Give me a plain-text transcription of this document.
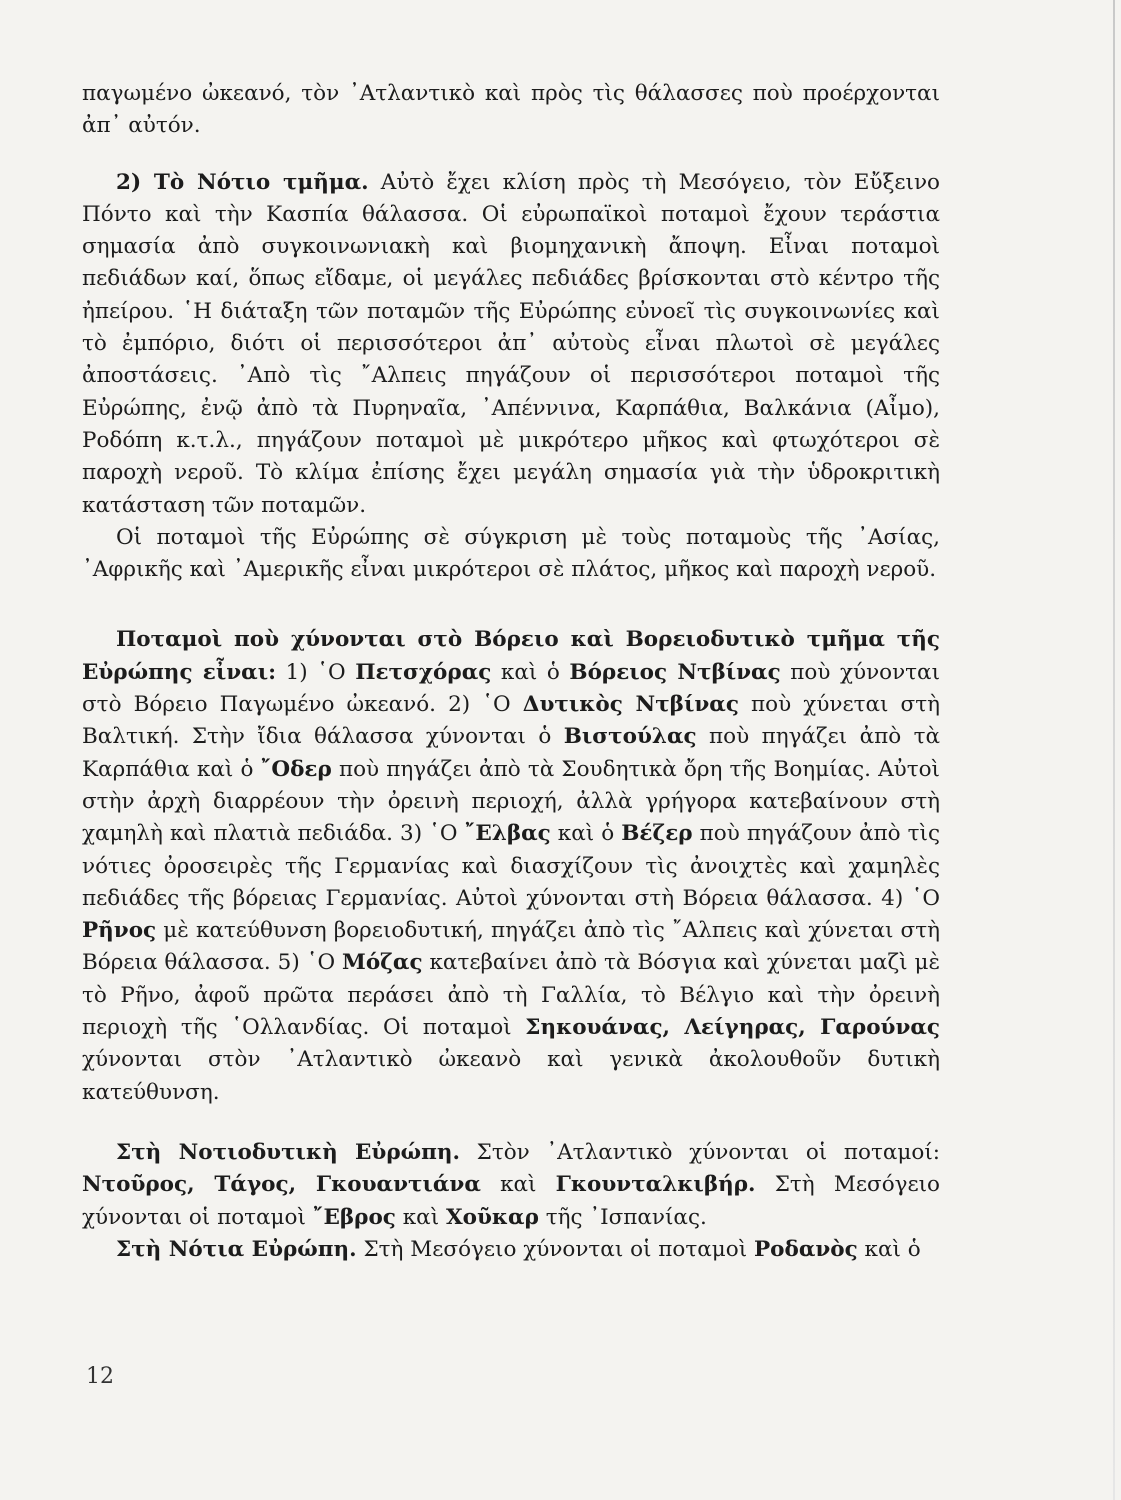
παγωμένο ὠκεανό, τὸν ᾿Ατλαντικὸ καὶ πρὸς τὶς θάλασσες ποὺ προέρχονται ἀπ᾿ αὐτόν.

2) Τὸ Νότιο τμῆμα. Αὐτὸ ἔχει κλίση πρὸς τὴ Μεσόγειο, τὸν Εὔξεινο Πόντο καὶ τὴν Κασπία θάλασσα. Οἱ εὐρωπαϊκοὶ ποταμοὶ ἔχουν τεράστια σημασία ἀπὸ συγκοινωνιακὴ καὶ βιομηχανικὴ ἄποψη. Εἶναι ποταμοὶ πεδιάδων καί, ὅπως εἴδαμε, οἱ μεγάλες πεδιάδες βρίσκονται στὸ κέντρο τῆς ἠπείρου. ῾Η διάταξη τῶν ποταμῶν τῆς Εὐρώπης εὐνοεῖ τὶς συγκοινωνίες καὶ τὸ ἐμπόριο, διότι οἱ περισσότεροι ἀπ᾿ αὐτοὺς εἶναι πλωτοὶ σὲ μεγάλες ἀποστάσεις. ᾿Απὸ τὶς ῎Αλπεις πηγάζουν οἱ περισσότεροι ποταμοὶ τῆς Εὐρώπης, ἐνῷ ἀπὸ τὰ Πυρηναῖα, ᾿Απέννινα, Καρπάθια, Βαλκάνια (Αἶμο), Ροδόπη κ.τ.λ., πηγάζουν ποταμοὶ μὲ μικρότερο μῆκος καὶ φτωχότεροι σὲ παροχὴ νεροῦ. Τὸ κλίμα ἐπίσης ἔχει μεγάλη σημασία γιὰ τὴν ὑδροκριτικὴ κατάσταση τῶν ποταμῶν.

Οἱ ποταμοὶ τῆς Εὐρώπης σὲ σύγκριση μὲ τοὺς ποταμοὺς τῆς ᾿Ασίας, ᾿Αφρικῆς καὶ ᾿Αμερικῆς εἶναι μικρότεροι σὲ πλάτος, μῆκος καὶ παροχὴ νεροῦ.

Ποταμοὶ ποὺ χύνονται στὸ Βόρειο καὶ Βορειοδυτικὸ τμῆμα τῆς Εὐρώπης εἶναι: 1) ῾Ο Πετσχόρας καὶ ὁ Βόρειος Ντβίνας ποὺ χύνονται στὸ Βόρειο Παγωμένο ὠκεανό. 2) ῾Ο Δυτικὸς Ντβίνας ποὺ χύνεται στὴ Βαλτική. Στὴν ἴδια θάλασσα χύνονται ὁ Βιστούλας ποὺ πηγάζει ἀπὸ τὰ Καρπάθια καὶ ὁ ῎Οδερ ποὺ πηγάζει ἀπὸ τὰ Σουδητικὰ ὄρη τῆς Βοημίας. Αὐτοὶ στὴν ἀρχὴ διαρρέουν τὴν ὀρεινὴ περιοχή, ἀλλὰ γρήγορα κατεβαίνουν στὴ χαμηλὴ καὶ πλατιὰ πεδιάδα. 3) ῾Ο ῎Ελβας καὶ ὁ Βέζερ ποὺ πηγάζουν ἀπὸ τὶς νότιες ὀροσειρὲς τῆς Γερμανίας καὶ διασχίζουν τὶς ἀνοιχτὲς καὶ χαμηλὲς πεδιάδες τῆς βόρειας Γερμανίας. Αὐτοὶ χύνονται στὴ Βόρεια θάλασσα. 4) ῾Ο Ρῆνος μὲ κατεύθυνση βορειοδυτική, πηγάζει ἀπὸ τὶς ῎Αλπεις καὶ χύνεται στὴ Βόρεια θάλασσα. 5) ῾Ο Μόζας κατεβαίνει ἀπὸ τὰ Βόσγια καὶ χύνεται μαζὶ μὲ τὸ Ρῆνο, ἀφοῦ πρῶτα περάσει ἀπὸ τὴ Γαλλία, τὸ Βέλγιο καὶ τὴν ὀρεινὴ περιοχὴ τῆς ῾Ολλανδίας. Οἱ ποταμοὶ Σηκουάνας, Λείγηρας, Γαρούνας χύνονται στὸν ᾿Ατλαντικὸ ὠκεανὸ καὶ γενικὰ ἀκολουθοῦν δυτικὴ κατεύθυνση.

Στὴ Νοτιοδυτικὴ Εὐρώπη. Στὸν ᾿Ατλαντικὸ χύνονται οἱ ποταμοί: Ντοῦρος, Τάγος, Γκουαντιάνα καὶ Γκουνταλκιβήρ. Στὴ Μεσόγειο χύνονται οἱ ποταμοὶ ῎Εβρος καὶ Χοῦκαρ τῆς ᾿Ισπανίας.

Στὴ Νότια Εὐρώπη. Στὴ Μεσόγειο χύνονται οἱ ποταμοὶ Ροδανὸς καὶ ὁ

12
